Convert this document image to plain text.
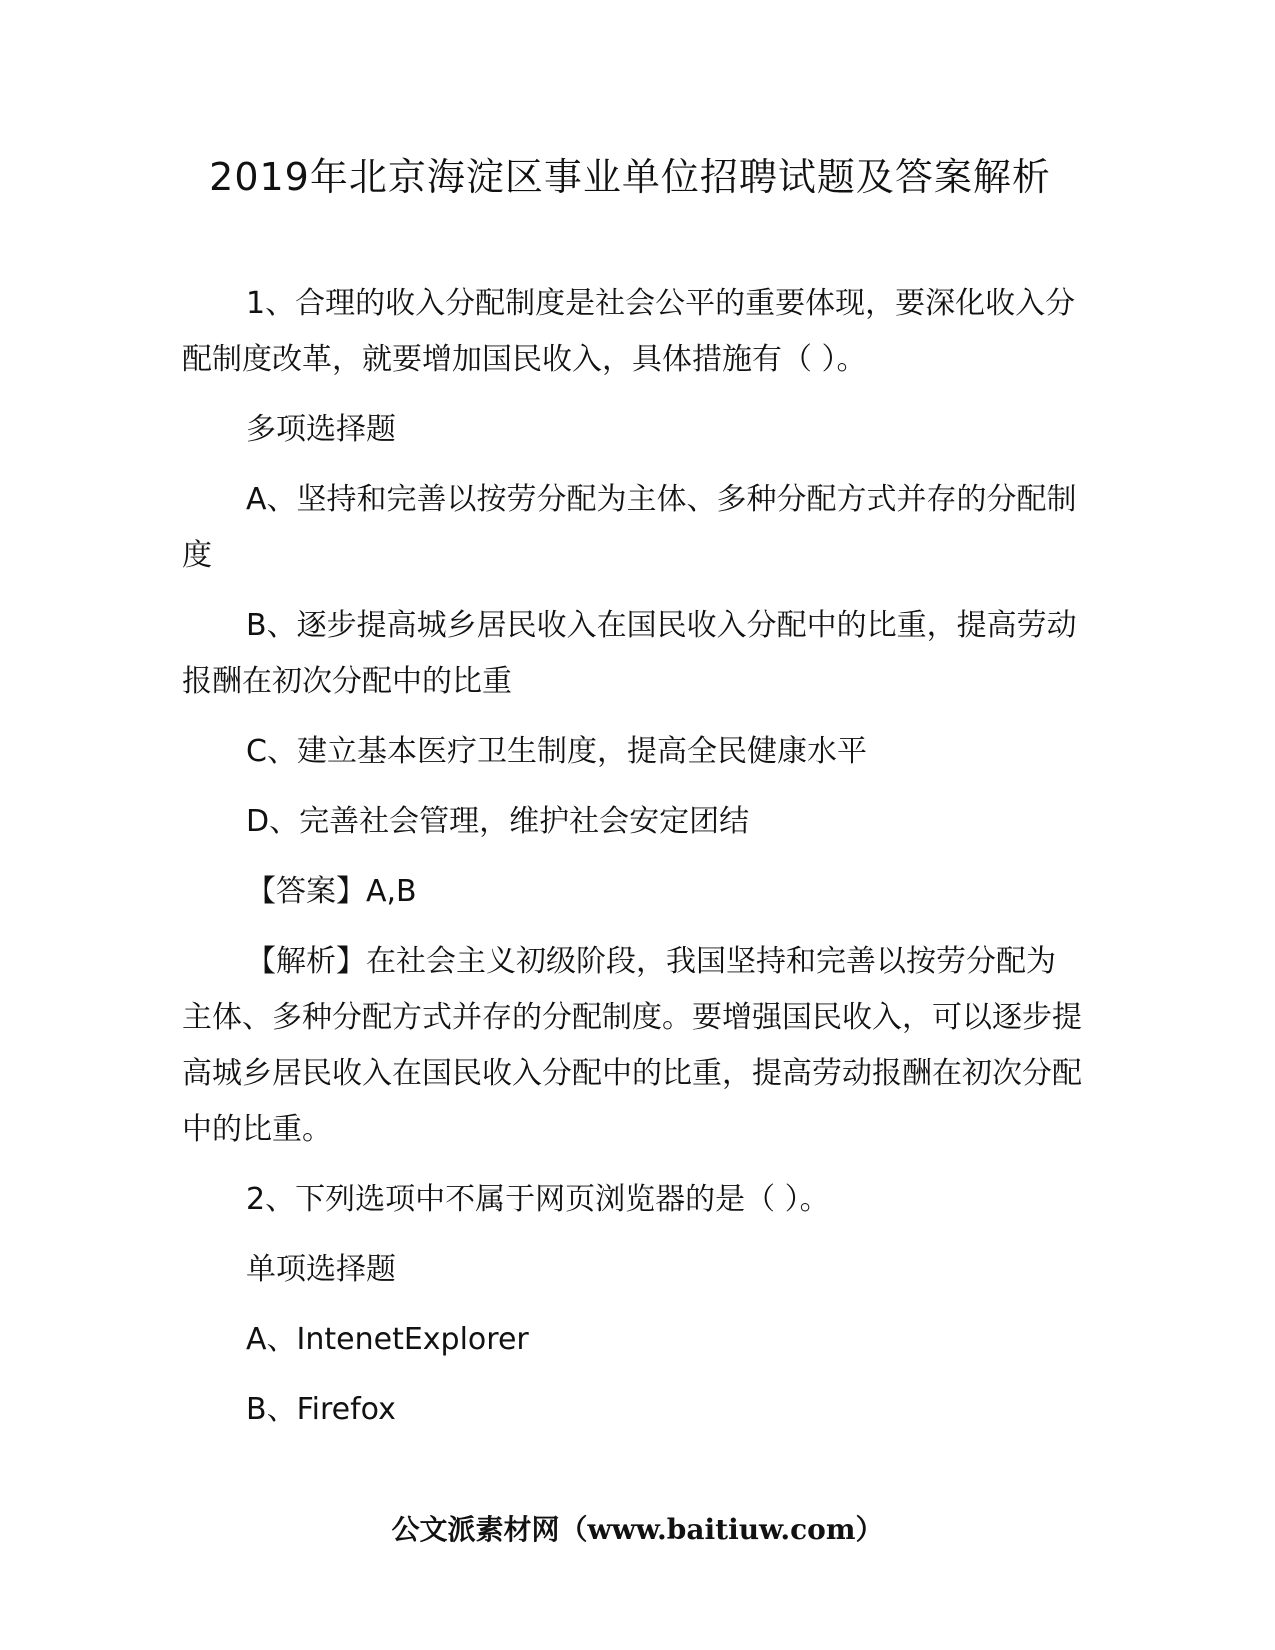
2019年北京海淀区事业单位招聘试题及答案解析

1、合理的收入分配制度是社会公平的重要体现，要深化收入分配制度改革，就要增加国民收入，具体措施有（ ）。

多项选择题

A、坚持和完善以按劳分配为主体、多种分配方式并存的分配制度

B、逐步提高城乡居民收入在国民收入分配中的比重，提高劳动报酬在初次分配中的比重

C、建立基本医疗卫生制度，提高全民健康水平

D、完善社会管理，维护社会安定团结

【答案】A,B

【解析】在社会主义初级阶段，我国坚持和完善以按劳分配为主体、多种分配方式并存的分配制度。要增强国民收入，可以逐步提高城乡居民收入在国民收入分配中的比重，提高劳动报酬在初次分配中的比重。

2、下列选项中不属于网页浏览器的是（ ）。

单项选择题

A、IntenetExplorer

B、Firefox

公文派素材网（www.baitiuw.com）
